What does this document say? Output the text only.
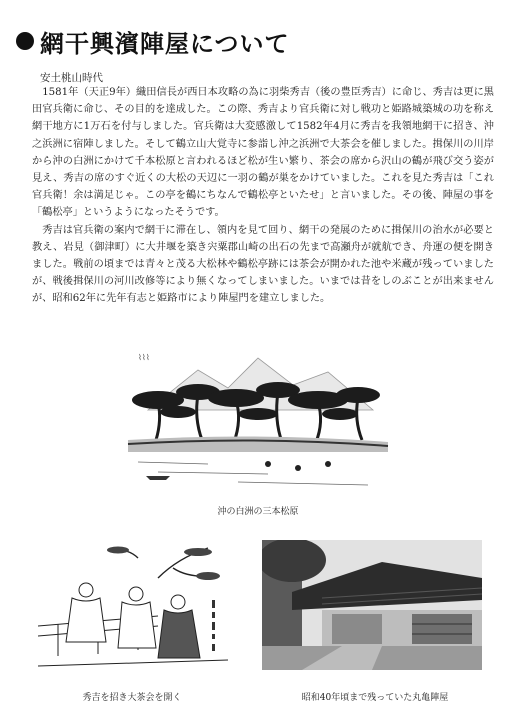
網干興濱陣屋について
安土桃山時代

1581年（天正9年）織田信長が西日本攻略の為に羽柴秀吉（後の豊臣秀吉）に命じ、秀吉は更に黒田官兵衛に命じ、その目的を達成した。この際、秀吉より官兵衛に対し戦功と姫路城築城の功を称え網干地方に1万石を付与しました。官兵衛は大変感激して1582年4月に秀吉を我領地網干に招き、沖之浜洲に宿陣しました。そして鶴立山大覚寺に参詣し沖之浜洲で大茶会を催しました。揖保川の川岸から沖の白洲にかけて千本松原と言われるほど松が生い繁り、茶会の席から沢山の鶴が飛び交う姿が見え、秀吉の席のすぐ近くの大松の天辺に一羽の鶴が巣をかけていました。これを見た秀吉は「これ官兵衛！余は満足じゃ。この亭を鶴にちなんで鶴松亭といたせ」と言いました。その後、陣屋の事を「鶴松亭」というようになったそうです。

秀吉は官兵衛の案内で網干に滞在し、領内を見て回り、網干の発展のために揖保川の治水が必要と教え、岩見（御津町）に大井堰を築き宍粟郡山崎の出石の先まで高瀬舟が就航でき、舟運の便を開きました。戦前の頃までは青々と茂る大松林や鶴松亭跡には茶会が開かれた池や米蔵が残っていましたが、戦後揖保川の河川改修等により無くなってしまいました。いまでは昔をしのぶことが出来ませんが、昭和62年に先年有志と姫路市により陣屋門を建立しました。

⌇⌇⌇
沖の白洲の三本松原
秀吉を招き大茶会を開く	昭和40年頃まで残っていた丸亀陣屋
